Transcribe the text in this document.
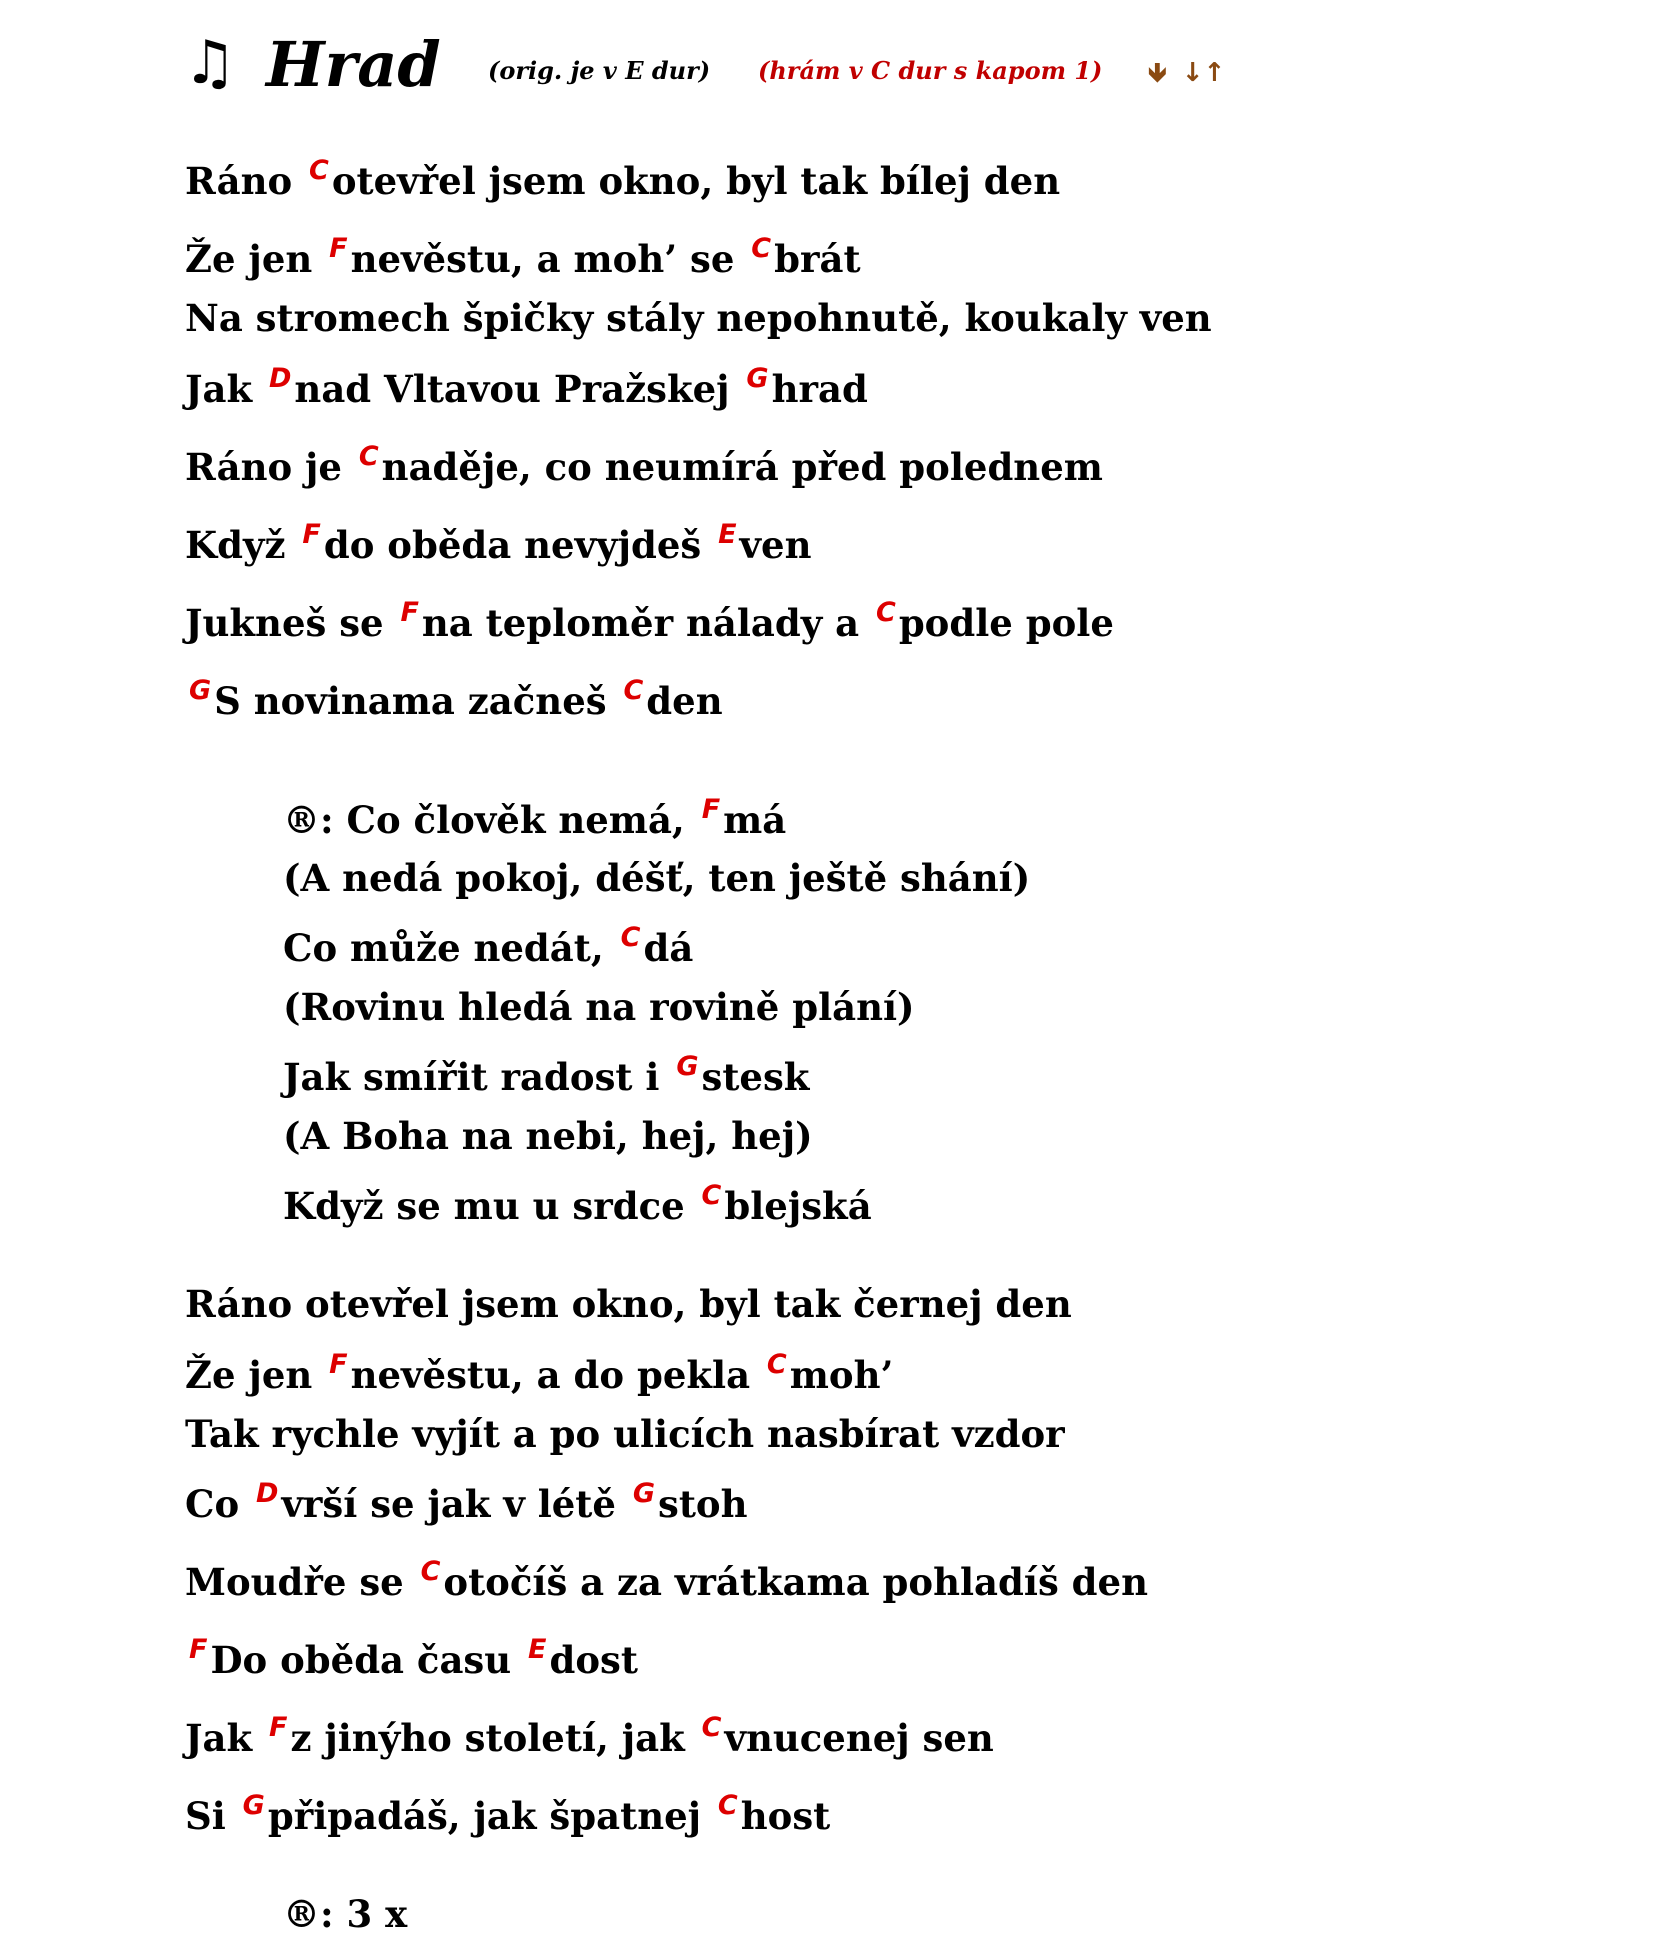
♫ Hrad (orig. je v E dur) (hrám v C dur s kapom 1) 🡻 ↓↑
Ráno $^C$otevřel jsem okno, byl tak bílej den
Že jen $^F$nevěstu, a moh’ se $^C$brát
Na stromech špičky stály nepohnutě, koukaly ven
Jak $^D$nad Vltavou Pražskej $^G$hrad
Ráno je $^C$naděje, co neumírá před polednem
Když $^F$do oběda nevyjdeš $^E$ven
Jukneš se $^F$na teploměr nálady a $^C$podle pole
$^G$S novinama začneš $^C$den
®: Co člověk nemá, $^F$má
(A nedá pokoj, déšť, ten ještě shání)
Co může nedát, $^C$dá
(Rovinu hledá na rovině plání)
Jak smířit radost i $^G$stesk
(A Boha na nebi, hej, hej)
Když se mu u srdce $^C$blejská
Ráno otevřel jsem okno, byl tak černej den
Že jen $^F$nevěstu, a do pekla $^C$moh’
Tak rychle vyjít a po ulicích nasbírat vzdor
Co $^D$vrší se jak v létě $^G$stoh
Moudře se $^C$otočíš a za vrátkama pohladíš den
$^F$Do oběda času $^E$dost
Jak $^F$z jinýho století, jak $^C$vnucenej sen
Si $^G$připadáš, jak špatnej $^C$host
®: 3 x
